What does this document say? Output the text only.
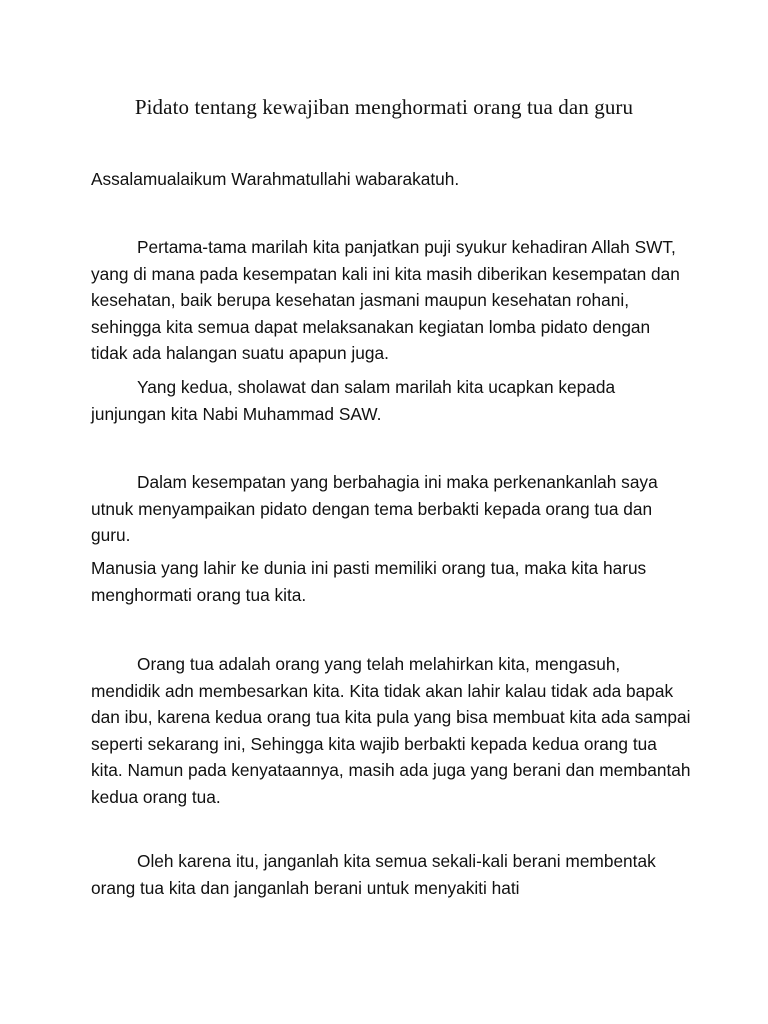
Pidato tentang kewajiban menghormati orang tua dan guru

Assalamualaikum Warahmatullahi wabarakatuh.

Pertama-tama marilah kita panjatkan puji syukur kehadiran Allah SWT, yang di mana pada kesempatan kali ini kita masih diberikan kesempatan dan kesehatan, baik berupa kesehatan jasmani maupun kesehatan rohani, sehingga kita semua dapat melaksanakan kegiatan lomba pidato dengan tidak ada halangan suatu apapun juga.

Yang kedua, sholawat dan salam marilah kita ucapkan kepada junjungan kita Nabi Muhammad SAW.

Dalam kesempatan yang berbahagia ini maka perkenankanlah saya utnuk menyampaikan pidato dengan tema berbakti kepada orang tua dan guru.

Manusia yang lahir ke dunia ini pasti memiliki orang tua, maka kita harus menghormati orang tua kita.

Orang tua adalah orang yang telah melahirkan kita, mengasuh, mendidik adn membesarkan kita. Kita tidak akan lahir kalau tidak ada bapak dan ibu, karena kedua orang tua kita pula yang bisa membuat kita ada sampai seperti sekarang ini, Sehingga kita wajib berbakti kepada kedua orang tua kita. Namun pada kenyataannya, masih ada juga yang berani dan membantah kedua orang tua.

Oleh karena itu, janganlah kita semua sekali-kali berani membentak orang tua kita dan janganlah berani untuk menyakiti hati
